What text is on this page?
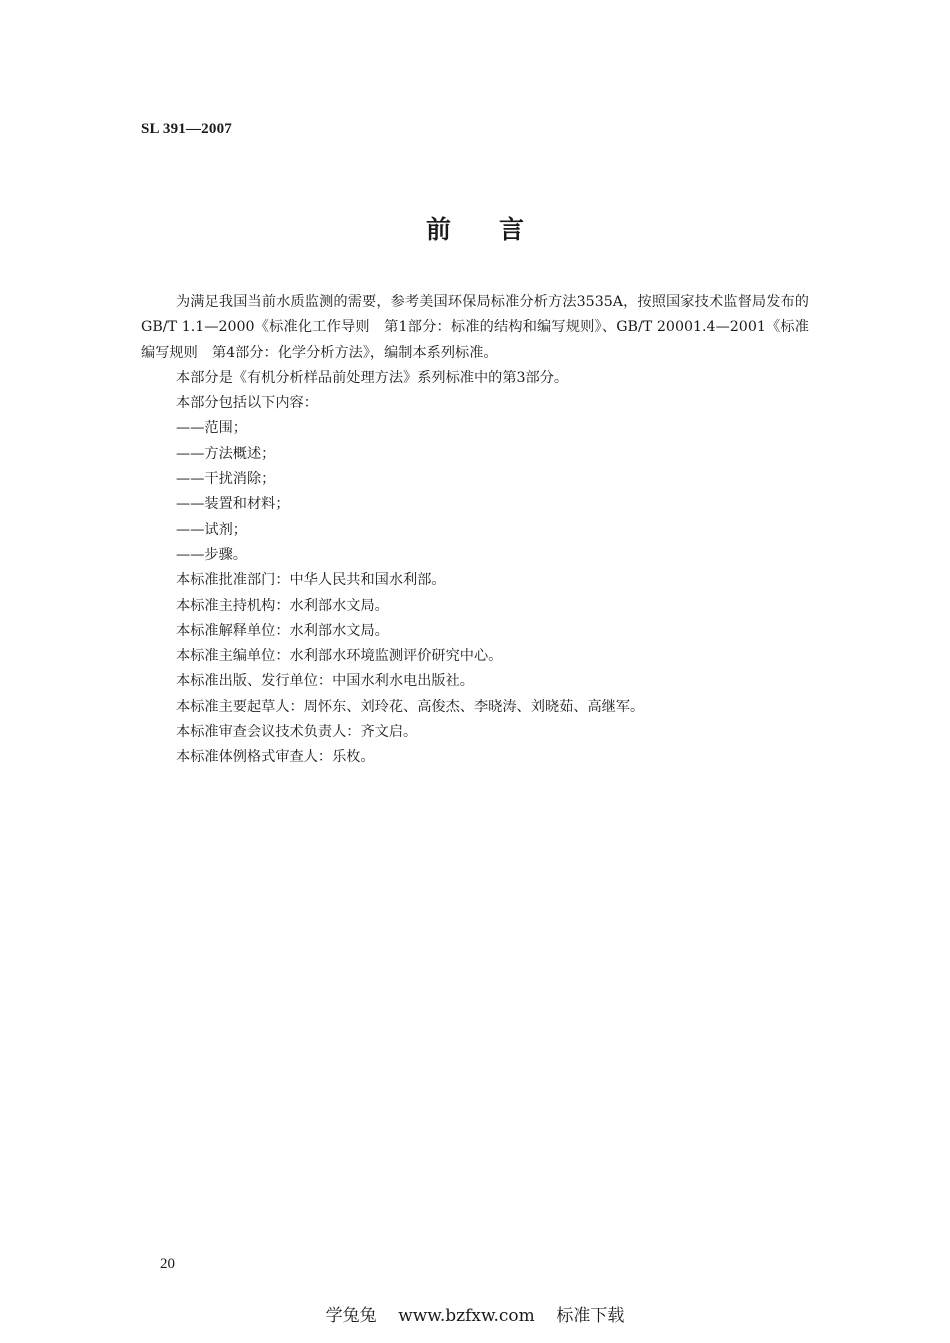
SL 391—2007
前言

为满足我国当前水质监测的需要，参考美国环保局标准分析方法3535A，按照国家技术监督局发布的GB/T 1.1—2000《标准化工作导则　第1部分：标准的结构和编写规则》、GB/T 20001.4—2001《标准编写规则　第4部分：化学分析方法》，编制本系列标准。

本部分是《有机分析样品前处理方法》系列标准中的第3部分。

本部分包括以下内容：

——范围；

——方法概述；

——干扰消除；

——装置和材料；

——试剂；

——步骤。

本标准批准部门：中华人民共和国水利部。

本标准主持机构：水利部水文局。

本标准解释单位：水利部水文局。

本标准主编单位：水利部水环境监测评价研究中心。

本标准出版、发行单位：中国水利水电出版社。

本标准主要起草人：周怀东、刘玲花、高俊杰、李晓涛、刘晓茹、高继军。

本标准审查会议技术负责人：齐文启。

本标准体例格式审查人：乐枚。

20
学兔兔    www.bzfxw.com    标准下载
